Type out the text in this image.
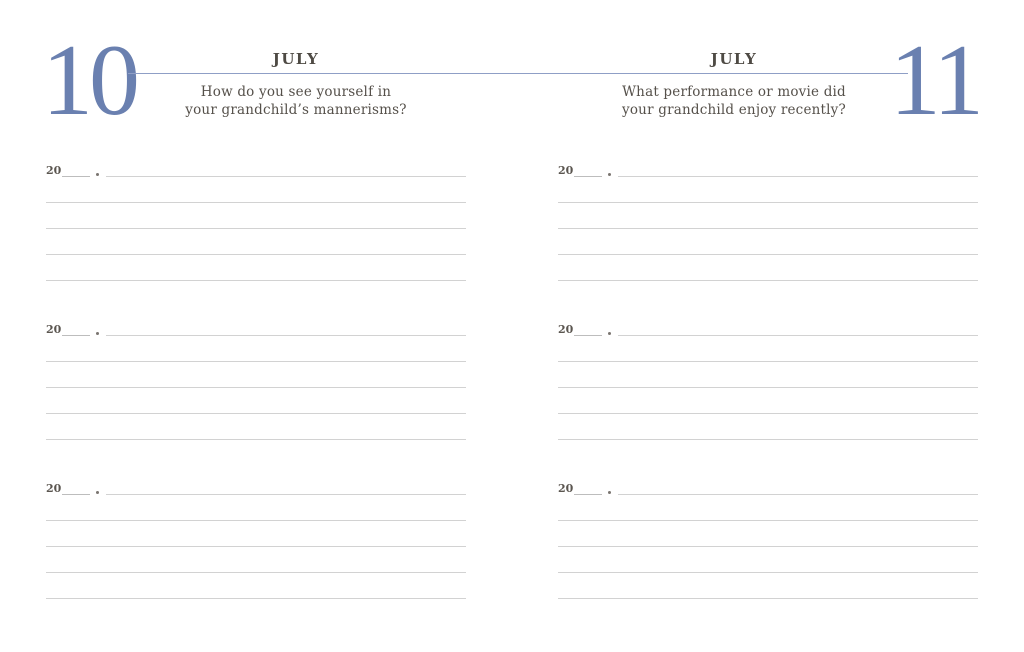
10	JULY
How do you see yourself in
your grandchild’s mannerisms?
20
20
20
11
JULY
What performance or movie did
your grandchild enjoy recently?
20
20
20
